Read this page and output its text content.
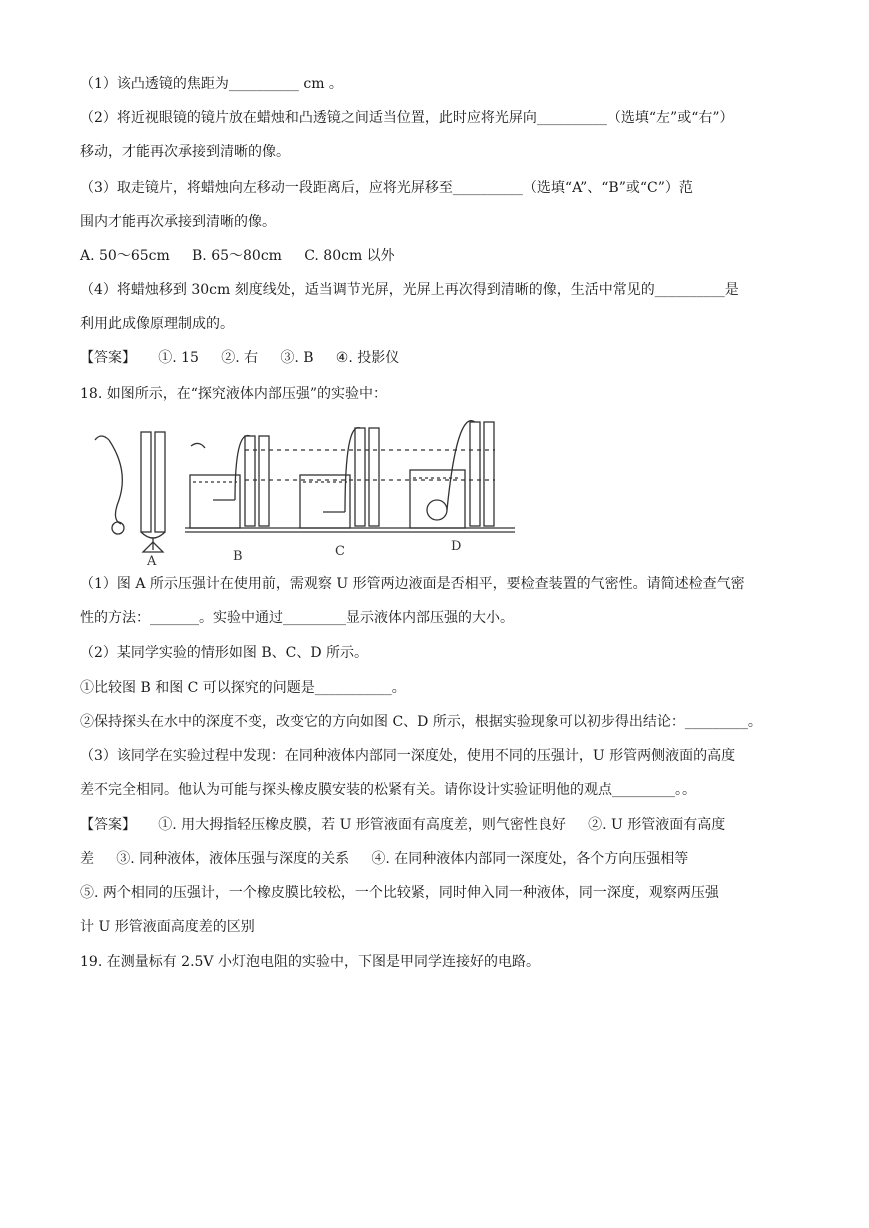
（1）该凸透镜的焦距为__________ cm 。
（2）将近视眼镜的镜片放在蜡烛和凸透镜之间适当位置，此时应将光屏向__________（选填“左”或“右”）
移动，才能再次承接到清晰的像。
（3）取走镜片，将蜡烛向左移动一段距离后，应将光屏移至__________（选填“A”、“B”或“C”）范
围内才能再次承接到清晰的像。
A. 50～65cm     B. 65～80cm     C. 80cm 以外
（4）将蜡烛移到 30cm 刻度线处，适当调节光屏，光屏上再次得到清晰的像，生活中常见的__________是
利用此成像原理制成的。
【答案】     ①. 15     ②. 右     ③. B     ④. 投影仪
18. 如图所示，在“探究液体内部压强”的实验中：
A	B	C	D
（1）图 A 所示压强计在使用前，需观察 U 形管两边液面是否相平，要检查装置的气密性。请简述检查气密
性的方法：_______。实验中通过_________显示液体内部压强的大小。
（2）某同学实验的情形如图 B、C、D 所示。
①比较图 B 和图 C 可以探究的问题是___________。
②保持探头在水中的深度不变，改变它的方向如图 C、D 所示，根据实验现象可以初步得出结论：_________。
（3）该同学在实验过程中发现：在同种液体内部同一深度处，使用不同的压强计，U 形管两侧液面的高度
差不完全相同。他认为可能与探头橡皮膜安装的松紧有关。请你设计实验证明他的观点_________。。
【答案】     ①. 用大拇指轻压橡皮膜，若 U 形管液面有高度差，则气密性良好     ②. U 形管液面有高度
差     ③. 同种液体，液体压强与深度的关系     ④. 在同种液体内部同一深度处，各个方向压强相等
⑤. 两个相同的压强计，一个橡皮膜比较松，一个比较紧，同时伸入同一种液体，同一深度，观察两压强
计 U 形管液面高度差的区别
19. 在测量标有 2.5V 小灯泡电阻的实验中，下图是甲同学连接好的电路。
